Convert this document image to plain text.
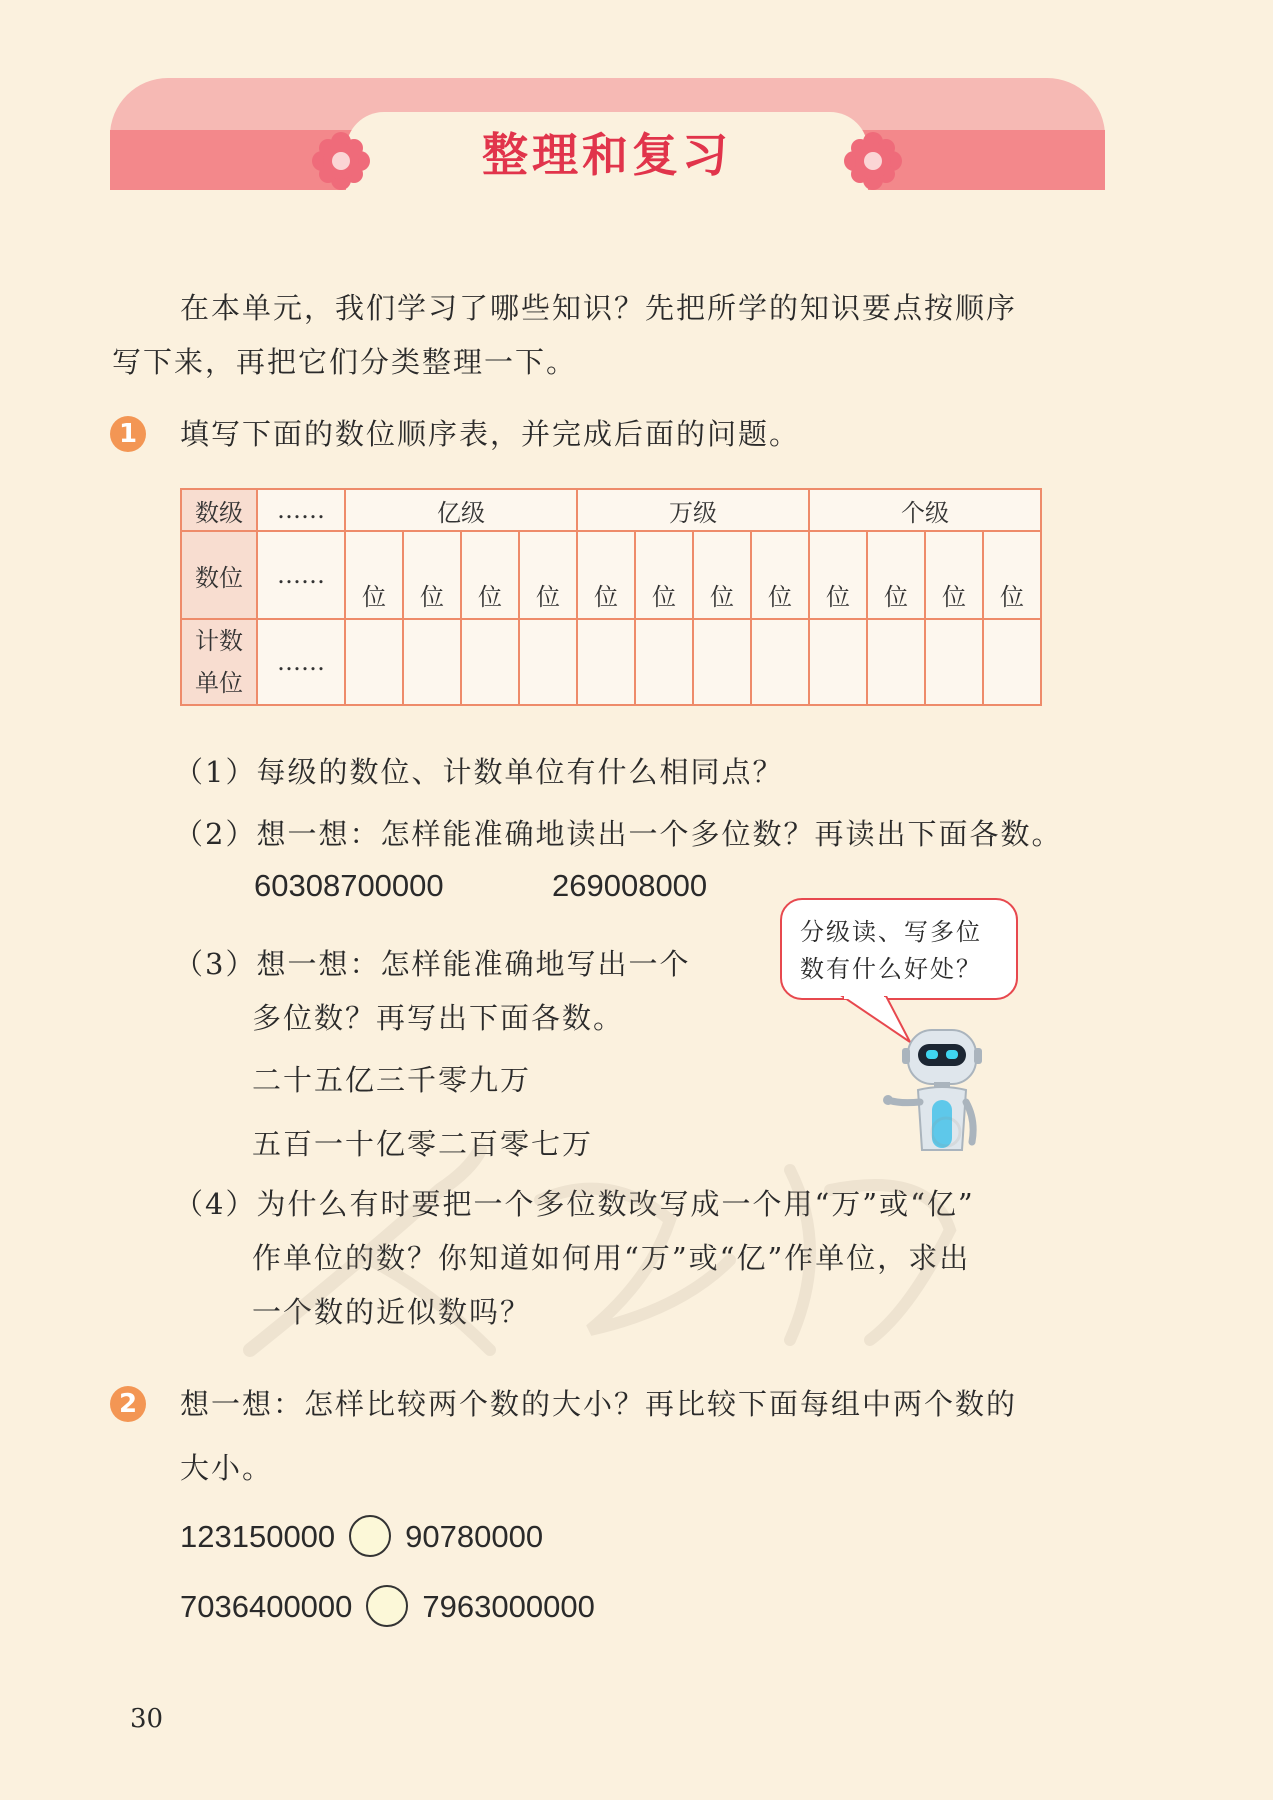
整理和复习
在本单元，我们学习了哪些知识？先把所学的知识要点按顺序
写下来，再把它们分类整理一下。
1	填写下面的数位顺序表，并完成后面的问题。
数级	……	亿级				万级				个级			
数位	……	位	位	位	位	位	位	位	位	位	位	位	位
计数
单位	……												
（1）每级的数位、计数单位有什么相同点？
（2）想一想：怎样能准确地读出一个多位数？再读出下面各数。
60308700000	269008000
（3）想一想：怎样能准确地写出一个
多位数？再写出下面各数。
二十五亿三千零九万
五百一十亿零二百零七万
分级读、写多位
数有什么好处？
（4）为什么有时要把一个多位数改写成一个用“万”或“亿”
作单位的数？你知道如何用“万”或“亿”作单位，求出
一个数的近似数吗？
2	想一想：怎样比较两个数的大小？再比较下面每组中两个数的
大小。
123150000 90780000
7036400000 7963000000
30
